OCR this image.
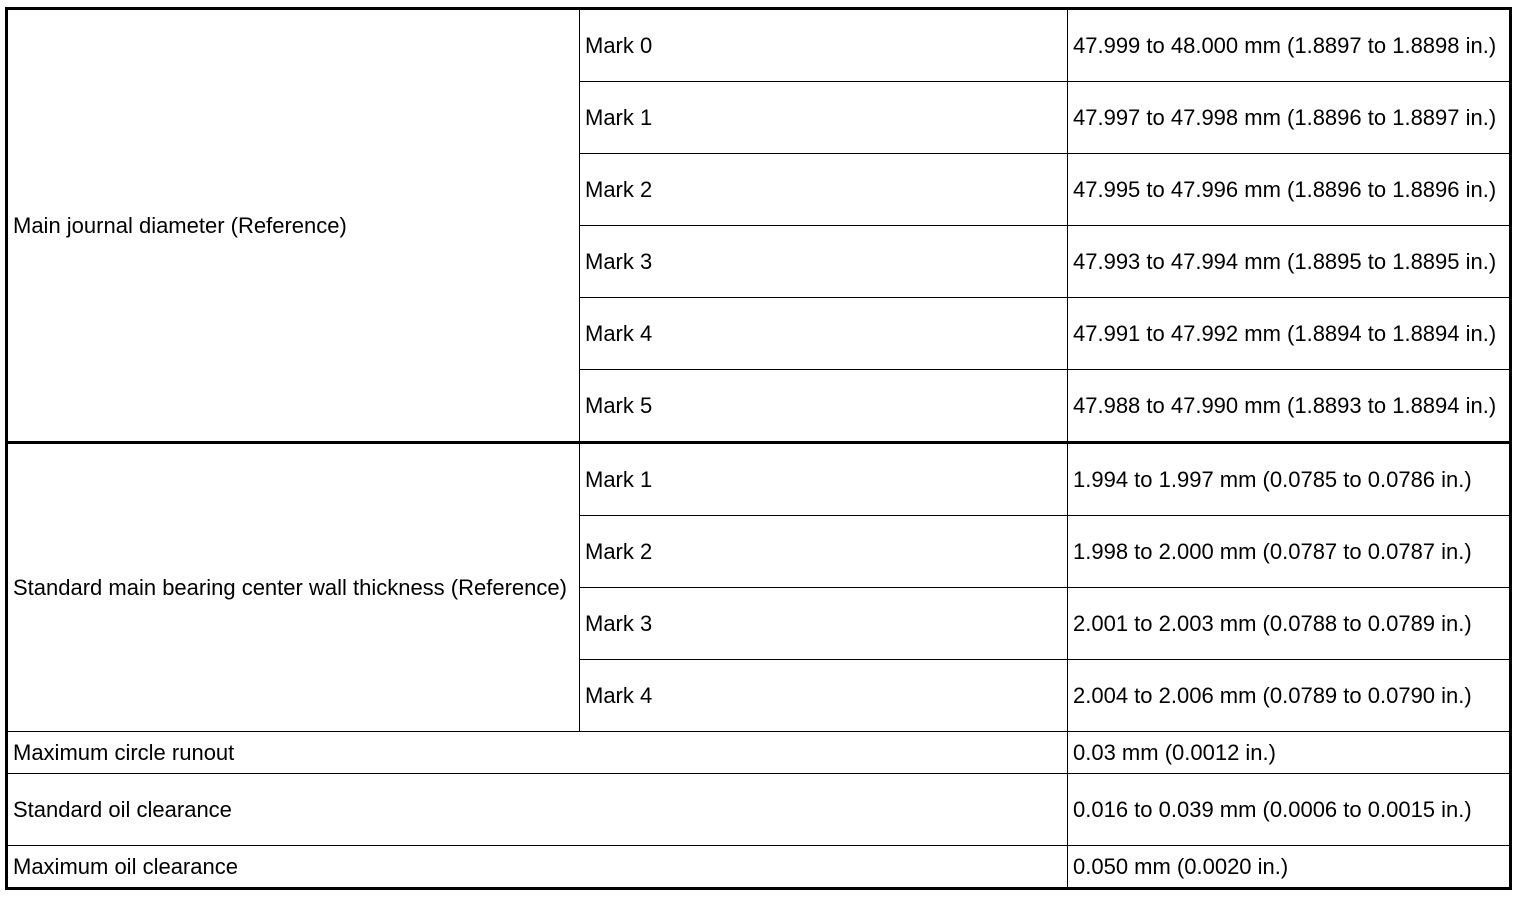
Main journal diameter (Reference)	Mark 0	47.999 to 48.000 mm (1.8897 to 1.8898 in.)
	Mark 1	47.997 to 47.998 mm (1.8896 to 1.8897 in.)
	Mark 2	47.995 to 47.996 mm (1.8896 to 1.8896 in.)
	Mark 3	47.993 to 47.994 mm (1.8895 to 1.8895 in.)
	Mark 4	47.991 to 47.992 mm (1.8894 to 1.8894 in.)
	Mark 5	47.988 to 47.990 mm (1.8893 to 1.8894 in.)
Standard main bearing center wall thickness (Reference)	Mark 1	1.994 to 1.997 mm (0.0785 to 0.0786 in.)
	Mark 2	1.998 to 2.000 mm (0.0787 to 0.0787 in.)
	Mark 3	2.001 to 2.003 mm (0.0788 to 0.0789 in.)
	Mark 4	2.004 to 2.006 mm (0.0789 to 0.0790 in.)
Maximum circle runout		0.03 mm (0.0012 in.)
Standard oil clearance		0.016 to 0.039 mm (0.0006 to 0.0015 in.)
Maximum oil clearance		0.050 mm (0.0020 in.)
